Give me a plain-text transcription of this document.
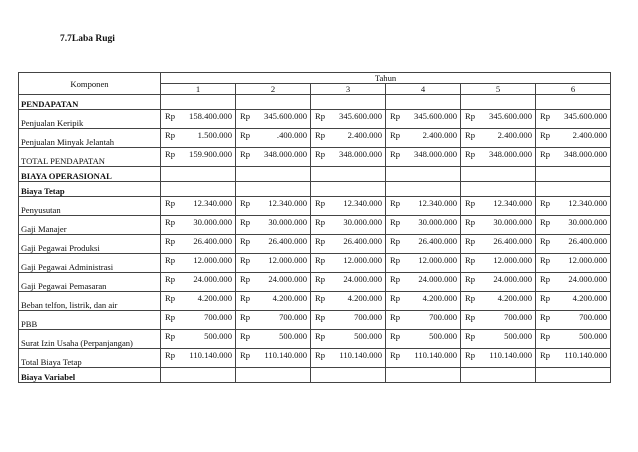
7.7Laba Rugi
Komponen	Tahun					
	1	2	3	4	5	6
PENDAPATAN						
Penjualan Keripik	Rp 158.400.000	Rp 345.600.000	Rp 345.600.000	Rp 345.600.000	Rp 345.600.000	Rp 345.600.000

Penjualan Minyak Jelantah	Rp 1.500.000	Rp .400.000	Rp 2.400.000	Rp 2.400.000	Rp 2.400.000	Rp 2.400.000

TOTAL PENDAPATAN	Rp 159.900.000	Rp 348.000.000	Rp 348.000.000	Rp 348.000.000	Rp 348.000.000	Rp 348.000.000

BIAYA OPERASIONAL						
Biaya Tetap						
Penyusutan	Rp 12.340.000	Rp 12.340.000	Rp 12.340.000	Rp 12.340.000	Rp 12.340.000	Rp 12.340.000

Gaji Manajer	Rp 30.000.000	Rp 30.000.000	Rp 30.000.000	Rp 30.000.000	Rp 30.000.000	Rp 30.000.000

Gaji Pegawai Produksi	Rp 26.400.000	Rp 26.400.000	Rp 26.400.000	Rp 26.400.000	Rp 26.400.000	Rp 26.400.000

Gaji Pegawai Administrasi	Rp 12.000.000	Rp 12.000.000	Rp 12.000.000	Rp 12.000.000	Rp 12.000.000	Rp 12.000.000

Gaji Pegawai Pemasaran	Rp 24.000.000	Rp 24.000.000	Rp 24.000.000	Rp 24.000.000	Rp 24.000.000	Rp 24.000.000

Beban telfon, listrik, dan air	Rp 4.200.000	Rp 4.200.000	Rp 4.200.000	Rp 4.200.000	Rp 4.200.000	Rp 4.200.000

PBB	Rp 700.000	Rp 700.000	Rp 700.000	Rp 700.000	Rp 700.000	Rp 700.000

Surat Izin Usaha (Perpanjangan)	Rp 500.000	Rp 500.000	Rp 500.000	Rp 500.000	Rp 500.000	Rp 500.000

Total Biaya Tetap	Rp 110.140.000	Rp 110.140.000	Rp 110.140.000	Rp 110.140.000	Rp 110.140.000	Rp 110.140.000

Biaya Variabel						
